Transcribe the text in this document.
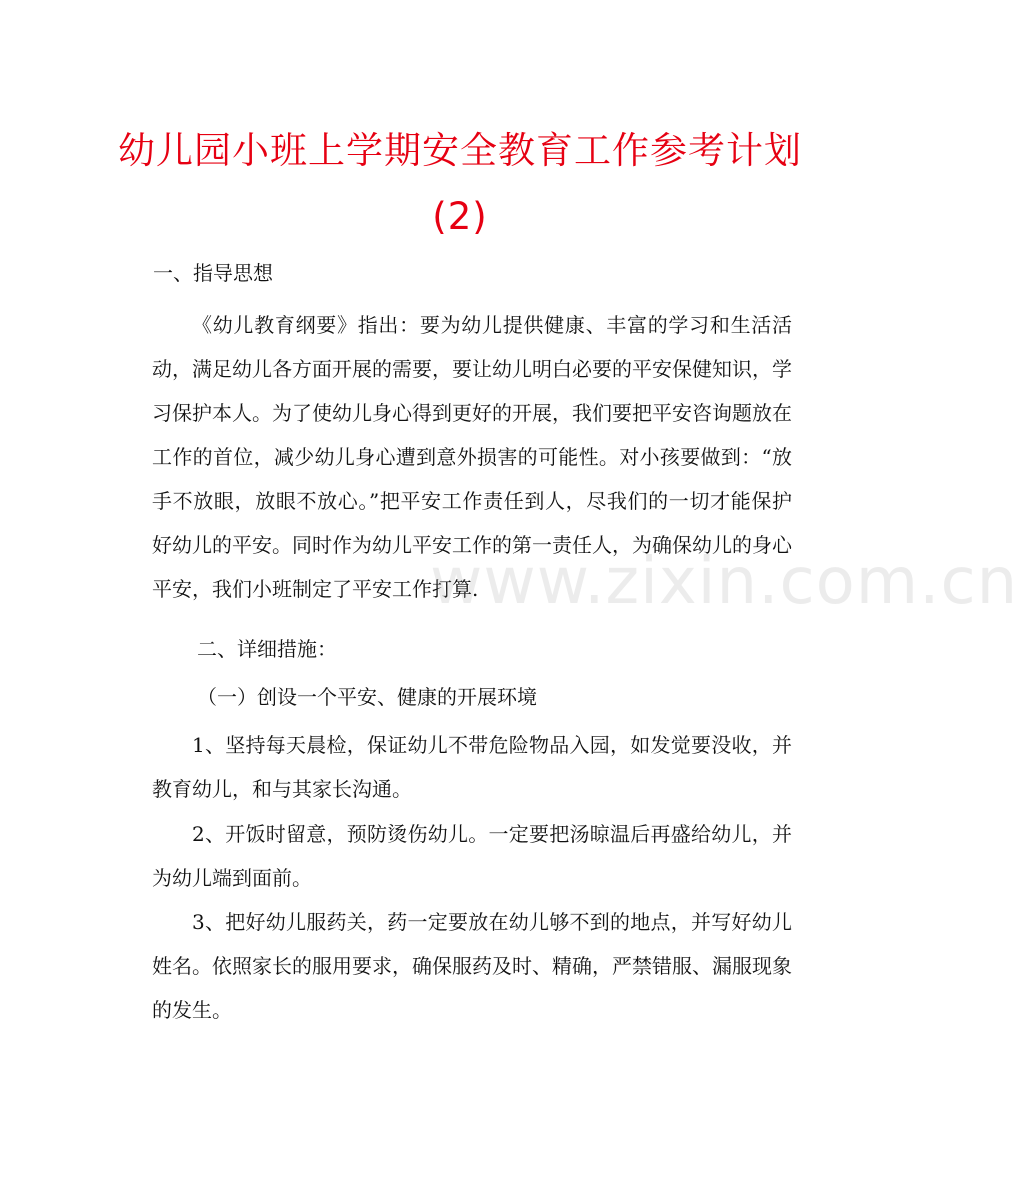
幼儿园小班上学期安全教育工作参考计划
(2)
一、指导思想
《幼儿教育纲要》指出：要为幼儿提供健康、丰富的学习和生活活动，满足幼儿各方面开展的需要，要让幼儿明白必要的平安保健知识，学习保护本人。为了使幼儿身心得到更好的开展，我们要把平安咨询题放在工作的首位，减少幼儿身心遭到意外损害的可能性。对小孩要做到：“放手不放眼，放眼不放心。”把平安工作责任到人，尽我们的一切才能保护好幼儿的平安。同时作为幼儿平安工作的第一责任人，为确保幼儿的身心平安，我们小班制定了平安工作打算.
二、详细措施：
（一）创设一个平安、健康的开展环境
1、坚持每天晨检，保证幼儿不带危险物品入园，如发觉要没收，并教育幼儿，和与其家长沟通。
2、开饭时留意，预防烫伤幼儿。一定要把汤晾温后再盛给幼儿，并为幼儿端到面前。
3、把好幼儿服药关，药一定要放在幼儿够不到的地点，并写好幼儿姓名。依照家长的服用要求，确保服药及时、精确，严禁错服、漏服现象的发生。
www.zixin.com.cn
